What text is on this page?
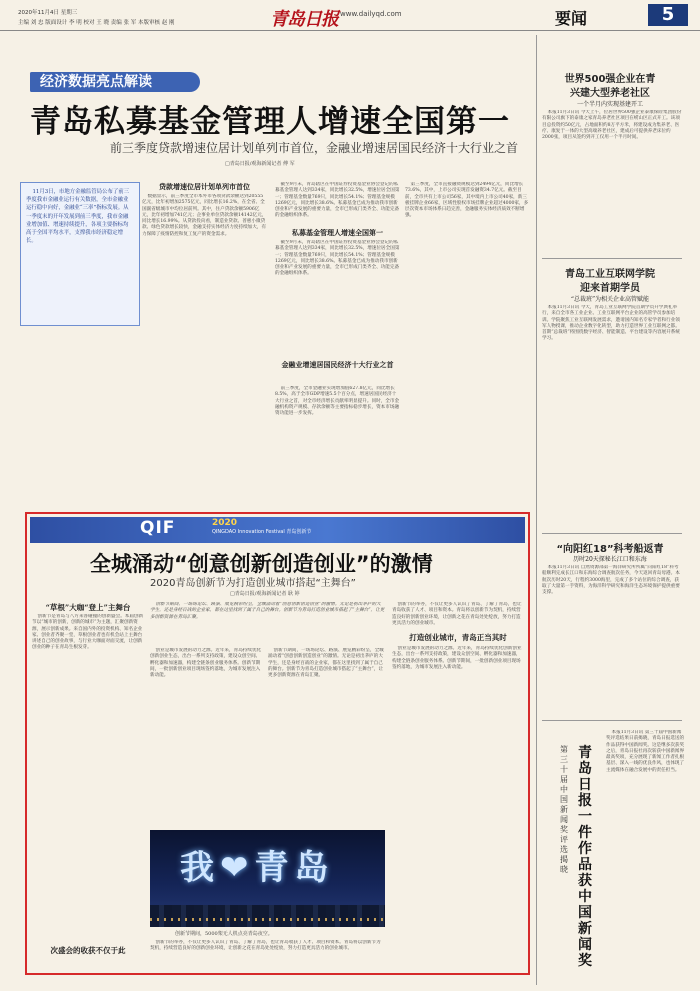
2020年11月4日 星期三
主编 刘 忠 版面设计 李 明 校对 王 晓 责编 张 军 本版审核 赵 刚	青岛日报 www.dailyqd.com	要闻	5
经济数据亮点解读
青岛私募基金管理人增速全国第一
前三季度贷款增速位居计划单列市首位，金融业增速居国民经济十大行业之首
□青岛日报/观海新闻记者 傅 军

11月3日，市地方金融监管局公布了前三季度我市金融业运行有关数据，全市金融业运行稳中向好，金融业“三率”指标发展。从一季度末的开年发展到前三季度，我市金融业增加值、增速持续提升，各项主要指标均高于全国平均水平，支撑我市经济稳定增长。

贷款增速位居计划单列市首位

数据显示，前三季度全市本外币各项贷款余额达到20555亿元，比年初增加2575亿元，同比增长16.2%，在全省、全国副省级城市中均位居前列。其中，住户贷款余额5906亿元，比年初增加741亿元；企事业单位贷款余额14142亿元，同比增长16.99%。从贷款投向看，制造业贷款、普惠小微贷款、绿色贷款增长较快，金融支持实体经济力度持续加大，有力保障了疫情防控和复工复产的资金需求。	私募基金管理人增速全国第一

截至9月末，青岛辖区在中国证券投资基金业协会登记的私募基金管理人达到334家，同比增长32.5%，增速位居全国第一；管理基金数量769只，同比增长54.1%；管理基金规模1269亿元，同比增长38.6%。私募基金已成为推动我市创新创业和产业发展的重要力量，全市已形成门类齐全、功能完备的金融组织体系。

截至9月末，青岛辖区在中国证券投资基金业协会登记的私募基金管理人达到334家，同比增长32.5%，增速位居全国第一；管理基金数量769只，同比增长54.1%；管理基金规模1269亿元，同比增长38.6%。私募基金已成为推动我市创新创业和产业发展的重要力量，全市已形成门类齐全、功能完备的金融组织体系。

金融业增速居国民经济十大行业之首

前三季度，全市金融业实现增加值627.8亿元，同比增长8.5%，高于全市GDP增速5.5个百分点，增速居国民经济十大行业之首，对全市经济增长贡献率明显提升。同时，全市金融机构资产规模、存款余额等主要指标稳步增长，资本市场融资功能进一步发挥。

第三季度，全市直接融资规模达到2494亿元，同比增长73.6%，其中，上市公司实现首发融资34.7亿元。截至目前，全市共有上市公司56家，其中境内上市公司40家，新三板挂牌企业66家，区域性股权市场挂牌企业超过4000家，多层次资本市场体系日趋完善，金融服务实体经济质效不断增强。

世界500强企业在青
兴建大型养老社区
一个半月内实现基建开工

本报11月3日讯 今天上午，位居世界500强企业泰康保险集团股份有限公司旗下的泰康之家青岛养老社区项目在崂山区正式开工。该项目总投资约50亿元，占地面积约8万平方米，将建设成为集养老、医疗、康复于一体的大型高端养老社区，建成后可提供养老床位约2000张，项目从签约到开工仅用一个半月时间。

青岛工业互联网学院
迎来首期学员
“总裁班”为相关企业高管赋能

本报11月3日讯 今天，青岛工业互联网学院首期学员开学典礼举行，来自全市各工业企业、工业互联网平台企业的高管学员参加培训。学院聚焦工业互联网发展需求，邀请国内知名专家学者和行业领军人物授课，推动企业数字化转型，助力打造世界工业互联网之都。首期“总裁班”将围绕数字经济、智能制造、平台建设等内容展开系统学习。

“向阳红18”科考船返青
历时20天探秘长江口和东海

本报11月3日讯 自然资源部第一海洋研究所所属“向阳红18”科考船顺利完成长江口和东海综合调查航次任务，今天返回青岛母港。本航次历时20天，行程约3000海里，完成了多个站位的综合调查，获取了大量第一手资料，为海洋科学研究和海洋生态环境保护提供重要支撑。

第三十届中国新闻奖评选揭晓
青岛日报一件作品获中国新闻奖

本报11月3日讯 第三十届中国新闻奖评选结果日前揭晓，青岛日报选送的作品获得中国新闻奖。这是继多次获奖之后，青岛日报社再次斩获中国新闻界最高奖项，充分展现了新闻工作者扎根基层、深入一线的优良作风，也体现了主流媒体在融合发展中的责任担当。

QIF	2020
QINGDAO Innovation Festival 青岛创新节
全城涌动“创意创新创造创业”的激情
2020青岛创新节为打造创业城市搭起“主舞台”
□青岛日报/观海新闻记者 耿 婷
“草根”大咖“登上”主舞台

创新节是青岛与八方来客碰撞的创新盛会。本届创新节以“城市的创新，创新的城市”为主题，汇聚创新资源，展示创新成果。来自国内外的投资机构、知名企业家、创业者齐聚一堂，草根创业者也有机会站上主舞台讲述自己的创业故事，与行业大咖面对面交流，让创新创业的种子在青岛生根发芽。

创新节期间，一场场论坛、路演、展览精彩纷呈，全城涌动着“创意创新创造创业”的激情。无论是初出茅庐的大学生，还是身经百战的企业家，都在这里找到了属于自己的舞台。创新节为青岛打造创业城市搭起了“主舞台”，让更多创新资源在青岛汇聚。

创业是城市发展的动力之源。近年来，青岛持续优化创新创业生态，出台一系列支持政策，建设众创空间、孵化器和加速器，构建全链条创业服务体系。创新节期间，一批创新创业项目现场签约落地，为城市发展注入新动能。

创新节期间，一场场论坛、路演、展览精彩纷呈，全城涌动着“创意创新创造创业”的激情。无论是初出茅庐的大学生，还是身经百战的企业家，都在这里找到了属于自己的舞台。创新节为青岛打造创业城市搭起了“主舞台”，让更多创新资源在青岛汇聚。

打造创业城市，青岛正当其时

创新节的举办，不仅让更多人认识了青岛、了解了青岛，也让青岛收获了人才、项目和资本。青岛将以创新节为契机，持续营造良好的创新创业环境，让创新之花在青岛处处绽放，努力打造更具活力的创业城市。

创业是城市发展的动力之源。近年来，青岛持续优化创新创业生态，出台一系列支持政策，建设众创空间、孵化器和加速器，构建全链条创业服务体系。创新节期间，一批创新创业项目现场签约落地，为城市发展注入新动能。

我❤青岛
创新节期间，5000架无人机点亮青岛夜空。
次盛会的收获不仅于此

创新节的举办，不仅让更多人认识了青岛、了解了青岛，也让青岛收获了人才、项目和资本。青岛将以创新节为契机，持续营造良好的创新创业环境，让创新之花在青岛处处绽放，努力打造更具活力的创业城市。
